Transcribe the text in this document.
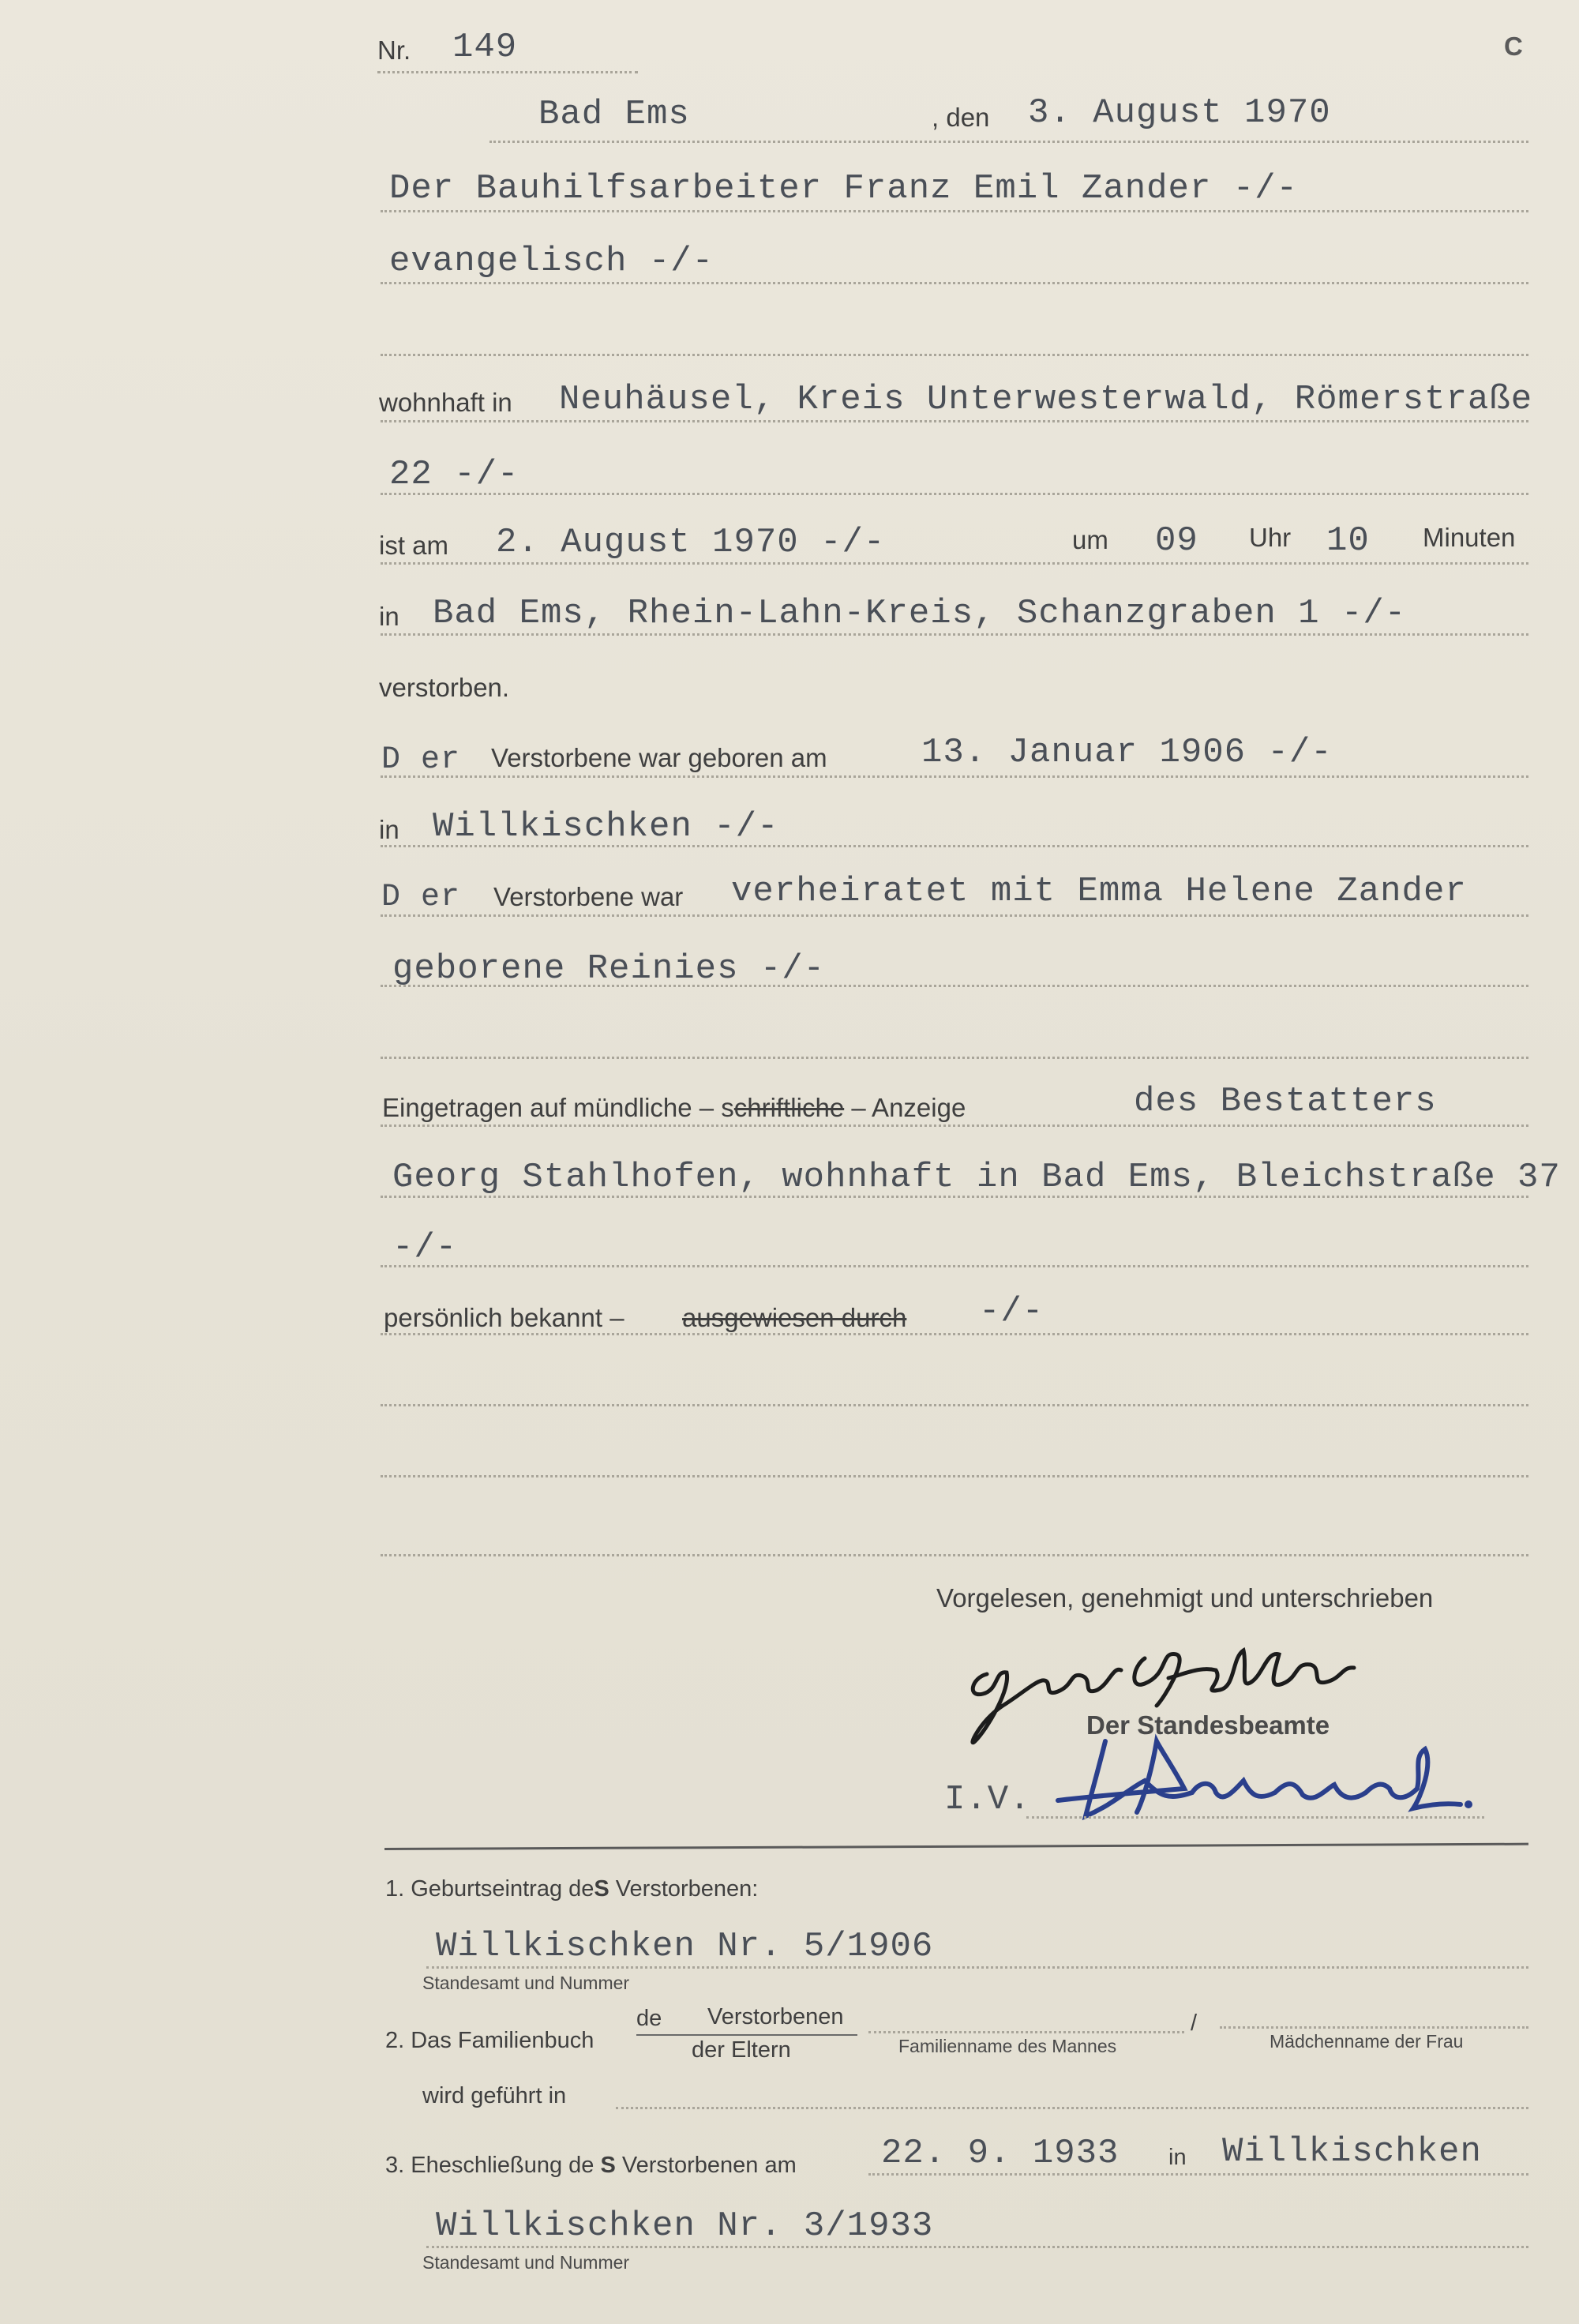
Nr. 149	C
Bad Ems	, den 3. August 1970
Der Bauhilfsarbeiter Franz Emil Zander -/-
evangelisch -/-
wohnhaft in Neuhäusel, Kreis Unterwesterwald, Römerstraße
22 -/-
ist am 2. August 1970 -/-	um 09 Uhr 10 Minuten
in Bad Ems, Rhein-Lahn-Kreis, Schanzgraben 1 -/-
verstorben.
D er Verstorbene war geboren am	13. Januar 1906 -/-
in Willkischken -/-
D er Verstorbene war verheiratet mit Emma Helene Zander
geborene Reinies -/-
Eingetragen auf mündliche – schriftliche – Anzeige	des Bestatters
Georg Stahlhofen, wohnhaft in Bad Ems, Bleichstraße 37
-/-
persönlich bekannt – ausgewiesen durch -/-
Vorgelesen, genehmigt und unterschrieben
Der Standesbeamte
I.V.
1. Geburtseintrag deS Verstorbenen:
Willkischken Nr. 5/1906
Standesamt und Nummer
2. Das Familienbuch
de Verstorbenen
der Eltern	Familienname des Mannes
/
Mädchenname der Frau
wird geführt in
3. Eheschließung de S Verstorbenen am 22. 9. 1933 in Willkischken
Willkischken Nr. 3/1933
Standesamt und Nummer
